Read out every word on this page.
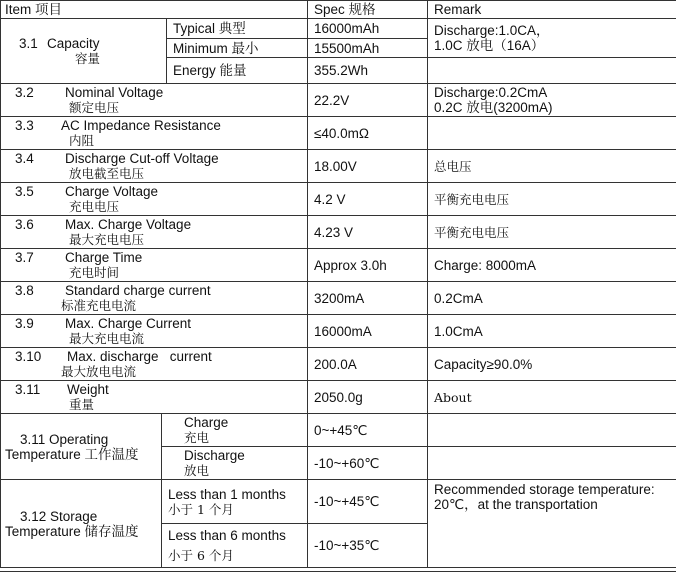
Item 项目			Spec 规格	Remark
3.1 Capacity
容量		Typical 典型	16000mAh	Discharge:1.0CA，
1.0C 放电（16A）
		Minimum 最小	15500mAh	
		Energy 能量	355.2Wh	
3.2 Nominal Voltage
额定电压			22.2V	Discharge:0.2CmA
0.2C 放电(3200mA)
3.3 AC Impedance Resistance
内阻			≤40.0mΩ	
3.4 Discharge Cut-off Voltage
放电截至电压			18.00V	总电压
3.5 Charge Voltage
充电电压			4.2 V	平衡充电电压
3.6 Max. Charge Voltage
最大充电电压			4.23 V	平衡充电电压
3.7 Charge Time
充电时间			Approx 3.0h	Charge: 8000mA
3.8 Standard charge current
标准充电电流			3200mA	0.2CmA
3.9 Max. Charge Current
最大充电电流			16000mA	1.0CmA
3.10 Max. discharge   current
最大放电电流			200.0A	Capacity≥90.0%
3.11 Weight
重量			2050.0g	About
3.11 Operating
Temperature 工作温度	Charge
充电		0~+45℃	
	Discharge
放电		-10~+60℃	
3.12 Storage
Temperature 储存温度	Less than 1 months
小于 1 个月		-10~+45℃	Recommended storage temperature: 20℃，at the transportation
	Less than 6 months
小于 6 个月		-10~+35℃	
